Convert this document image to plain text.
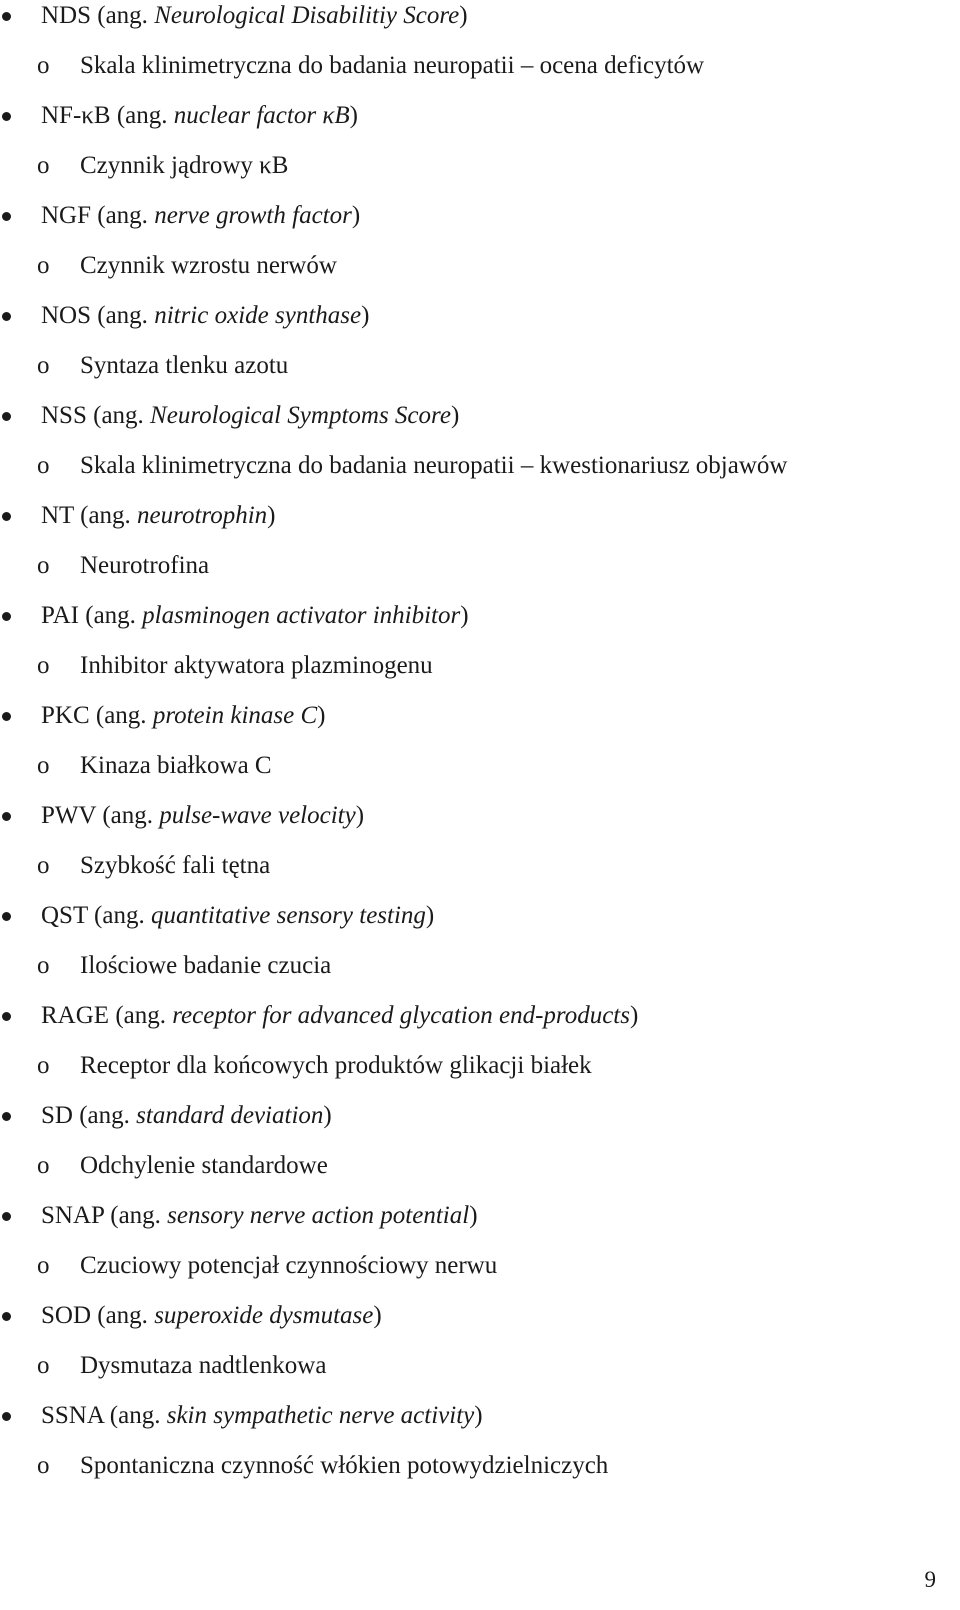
NDS (ang. Neurological Disabilitiy Score)
o Skala klinimetryczna do badania neuropatii – ocena deficytów
NF-κB (ang. nuclear factor κB)
o Czynnik jądrowy κB
NGF (ang. nerve growth factor)
o Czynnik wzrostu nerwów
NOS (ang. nitric oxide synthase)
o Syntaza tlenku azotu
NSS (ang. Neurological Symptoms Score)
o Skala klinimetryczna do badania neuropatii – kwestionariusz objawów
NT (ang. neurotrophin)
o Neurotrofina
PAI (ang. plasminogen activator inhibitor)
o Inhibitor aktywatora plazminogenu
PKC (ang. protein kinase C)
o Kinaza białkowa C
PWV (ang. pulse-wave velocity)
o Szybkość fali tętna
QST (ang. quantitative sensory testing)
o Ilościowe badanie czucia
RAGE (ang. receptor for advanced glycation end-products)
o Receptor dla końcowych produktów glikacji białek
SD (ang. standard deviation)
o Odchylenie standardowe
SNAP (ang. sensory nerve action potential)
o Czuciowy potencjał czynnościowy nerwu
SOD (ang. superoxide dysmutase)
o Dysmutaza nadtlenkowa
SSNA (ang. skin sympathetic nerve activity)
o Spontaniczna czynność włókien potowydzielniczych
9
